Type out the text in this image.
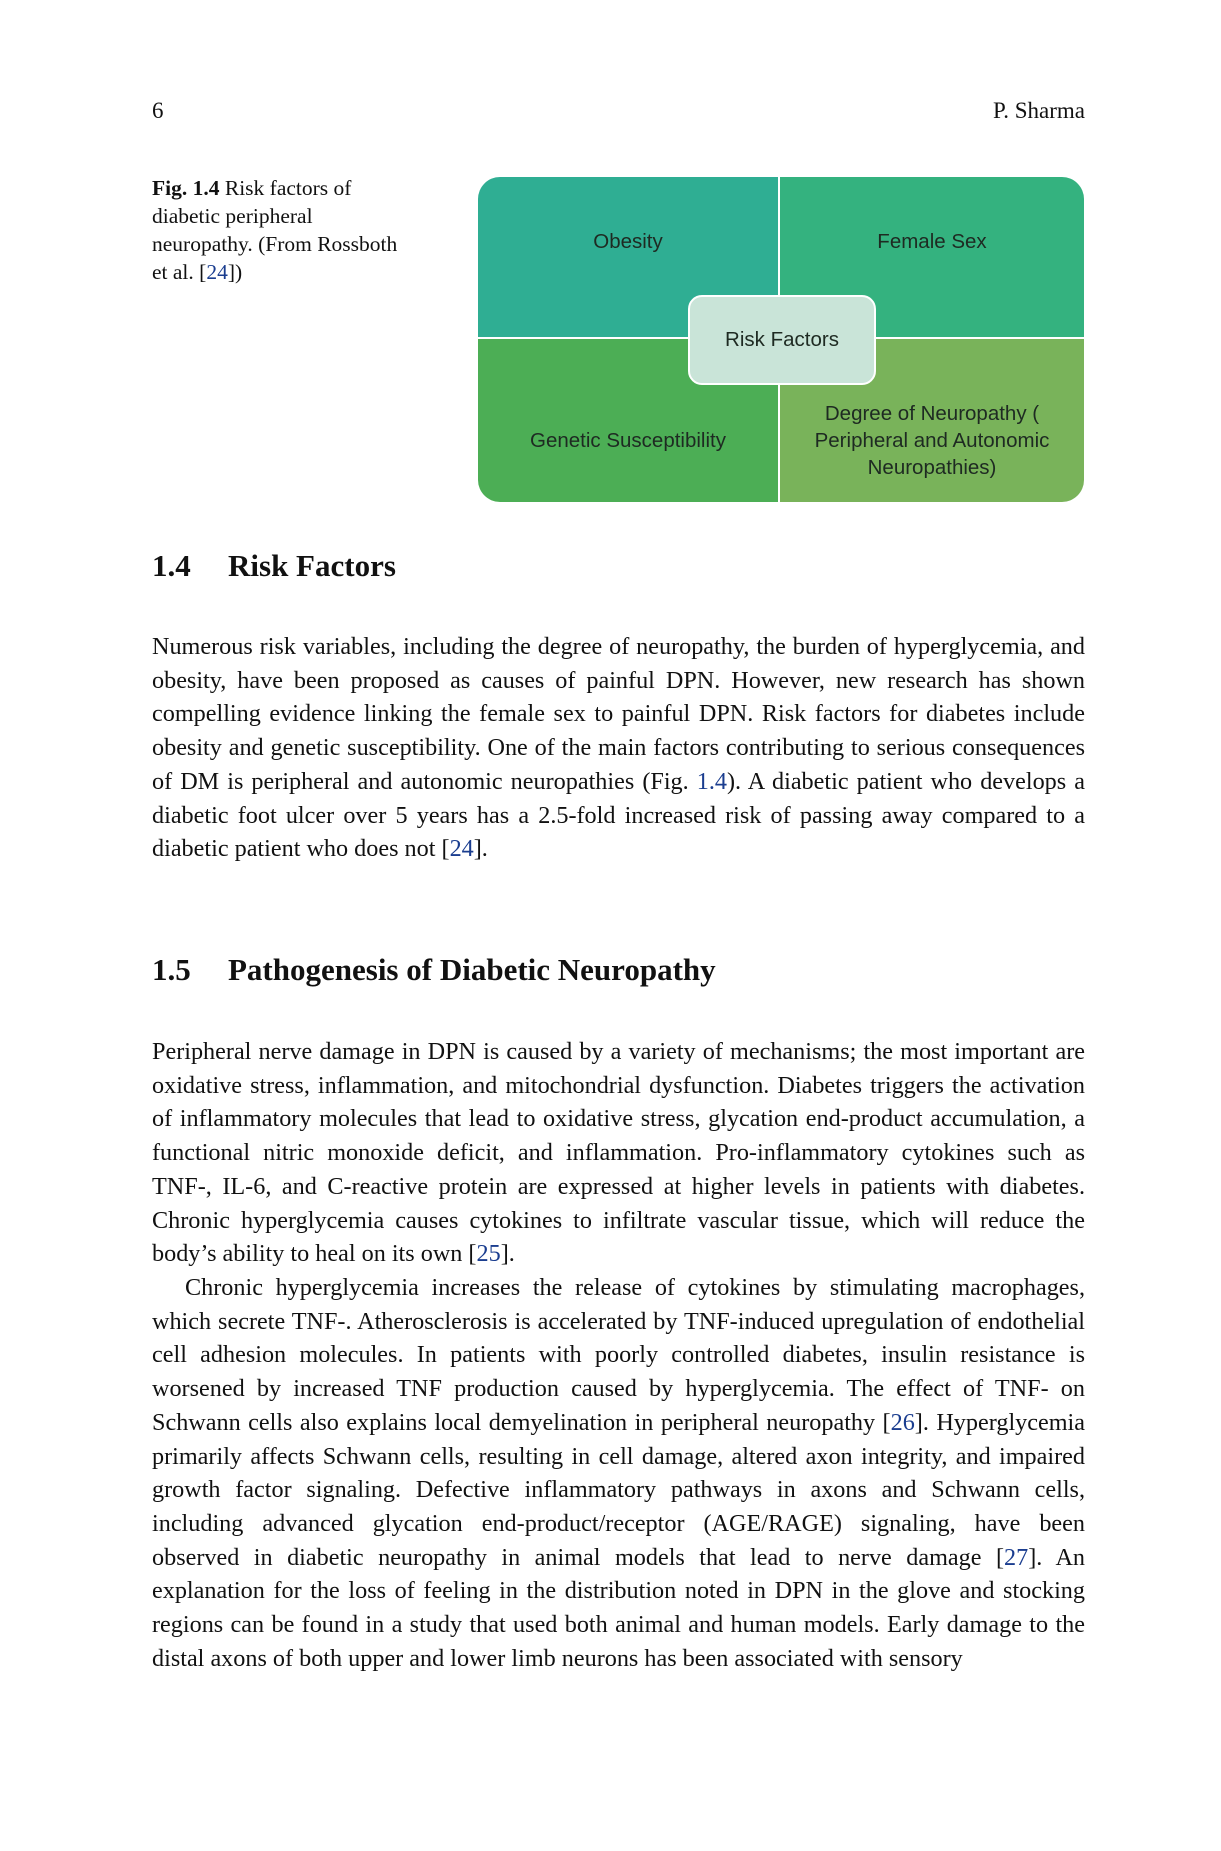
6	P. Sharma
Fig. 1.4 Risk factors of diabetic peripheral neuropathy. (From Rossboth et al. [24])
Obesity	Female Sex
Genetic Susceptibility
Degree of Neuropathy ( Peripheral and Autonomic Neuropathies)
Risk Factors
1.4 Risk Factors

Numerous risk variables, including the degree of neuropathy, the burden of hyperglycemia, and obesity, have been proposed as causes of painful DPN. However, new research has shown compelling evidence linking the female sex to painful DPN. Risk factors for diabetes include obesity and genetic susceptibility. One of the main factors contributing to serious consequences of DM is peripheral and autonomic neuropathies (Fig. 1.4). A diabetic patient who develops a diabetic foot ulcer over 5 years has a 2.5-fold increased risk of passing away compared to a diabetic patient who does not [24].

1.5 Pathogenesis of Diabetic Neuropathy

Peripheral nerve damage in DPN is caused by a variety of mechanisms; the most important are oxidative stress, inflammation, and mitochondrial dysfunction. Diabetes triggers the activation of inflammatory molecules that lead to oxidative stress, glycation end-product accumulation, a functional nitric monoxide deficit, and inflammation. Pro-inflammatory cytokines such as TNF-, IL-6, and C-reactive protein are expressed at higher levels in patients with diabetes. Chronic hyperglycemia causes cytokines to infiltrate vascular tissue, which will reduce the body’s ability to heal on its own [25].

Chronic hyperglycemia increases the release of cytokines by stimulating macrophages, which secrete TNF-. Atherosclerosis is accelerated by TNF-induced upregulation of endothelial cell adhesion molecules. In patients with poorly controlled diabetes, insulin resistance is worsened by increased TNF production caused by hyperglycemia. The effect of TNF- on Schwann cells also explains local demyelination in peripheral neuropathy [26]. Hyperglycemia primarily affects Schwann cells, resulting in cell damage, altered axon integrity, and impaired growth factor signaling. Defective inflammatory pathways in axons and Schwann cells, including advanced glycation end-product/receptor (AGE/RAGE) signaling, have been observed in diabetic neuropathy in animal models that lead to nerve damage [27]. An explanation for the loss of feeling in the distribution noted in DPN in the glove and stocking regions can be found in a study that used both animal and human models. Early damage to the distal axons of both upper and lower limb neurons has been associated with sensory
